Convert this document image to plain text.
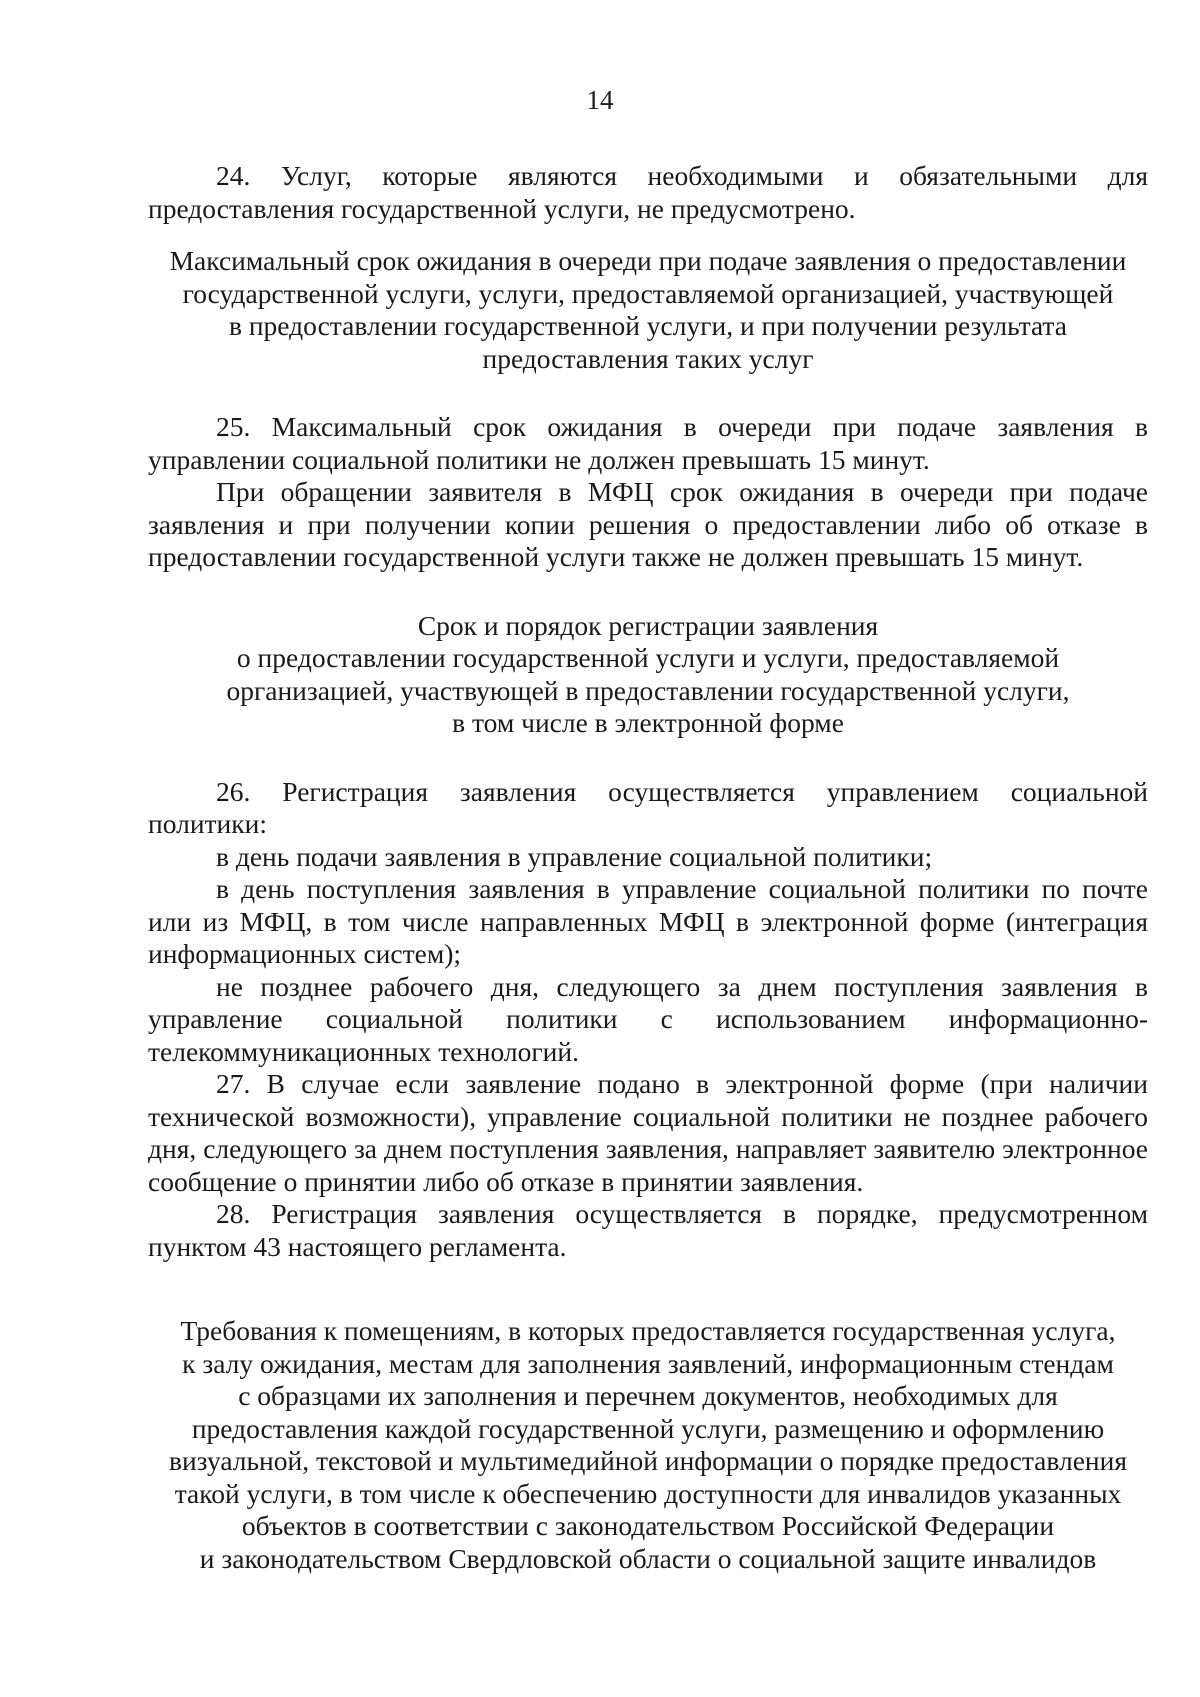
14

24. Услуг, которые являются необходимыми и обязательными для предоставления государственной услуги, не предусмотрено.

Максимальный срок ожидания в очереди при подаче заявления о предоставлении
государственной услуги, услуги, предоставляемой организацией, участвующей
в предоставлении государственной услуги, и при получении результата
предоставления таких услуг

25. Максимальный срок ожидания в очереди при подаче заявления в управлении социальной политики не должен превышать 15 минут.

При обращении заявителя в МФЦ срок ожидания в очереди при подаче заявления и при получении копии решения о предоставлении либо об отказе в предоставлении государственной услуги также не должен превышать 15 минут.

Срок и порядок регистрации заявления
о предоставлении государственной услуги и услуги, предоставляемой
организацией, участвующей в предоставлении государственной услуги,
в том числе в электронной форме

26. Регистрация заявления осуществляется управлением социальной политики:

в день подачи заявления в управление социальной политики;

в день поступления заявления в управление социальной политики по почте или из МФЦ, в том числе направленных МФЦ в электронной форме (интеграция информационных систем);

не позднее рабочего дня, следующего за днем поступления заявления в управление социальной политики с использованием информационно-телекоммуникационных технологий.

27. В случае если заявление подано в электронной форме (при наличии технической возможности), управление социальной политики не позднее рабочего дня, следующего за днем поступления заявления, направляет заявителю электронное сообщение о принятии либо об отказе в принятии заявления.

28. Регистрация заявления осуществляется в порядке, предусмотренном пунктом 43 настоящего регламента.

Требования к помещениям, в которых предоставляется государственная услуга,
к залу ожидания, местам для заполнения заявлений, информационным стендам
с образцами их заполнения и перечнем документов, необходимых для
предоставления каждой государственной услуги, размещению и оформлению
визуальной, текстовой и мультимедийной информации о порядке предоставления
такой услуги, в том числе к обеспечению доступности для инвалидов указанных
объектов в соответствии с законодательством Российской Федерации
и законодательством Свердловской области о социальной защите инвалидов
